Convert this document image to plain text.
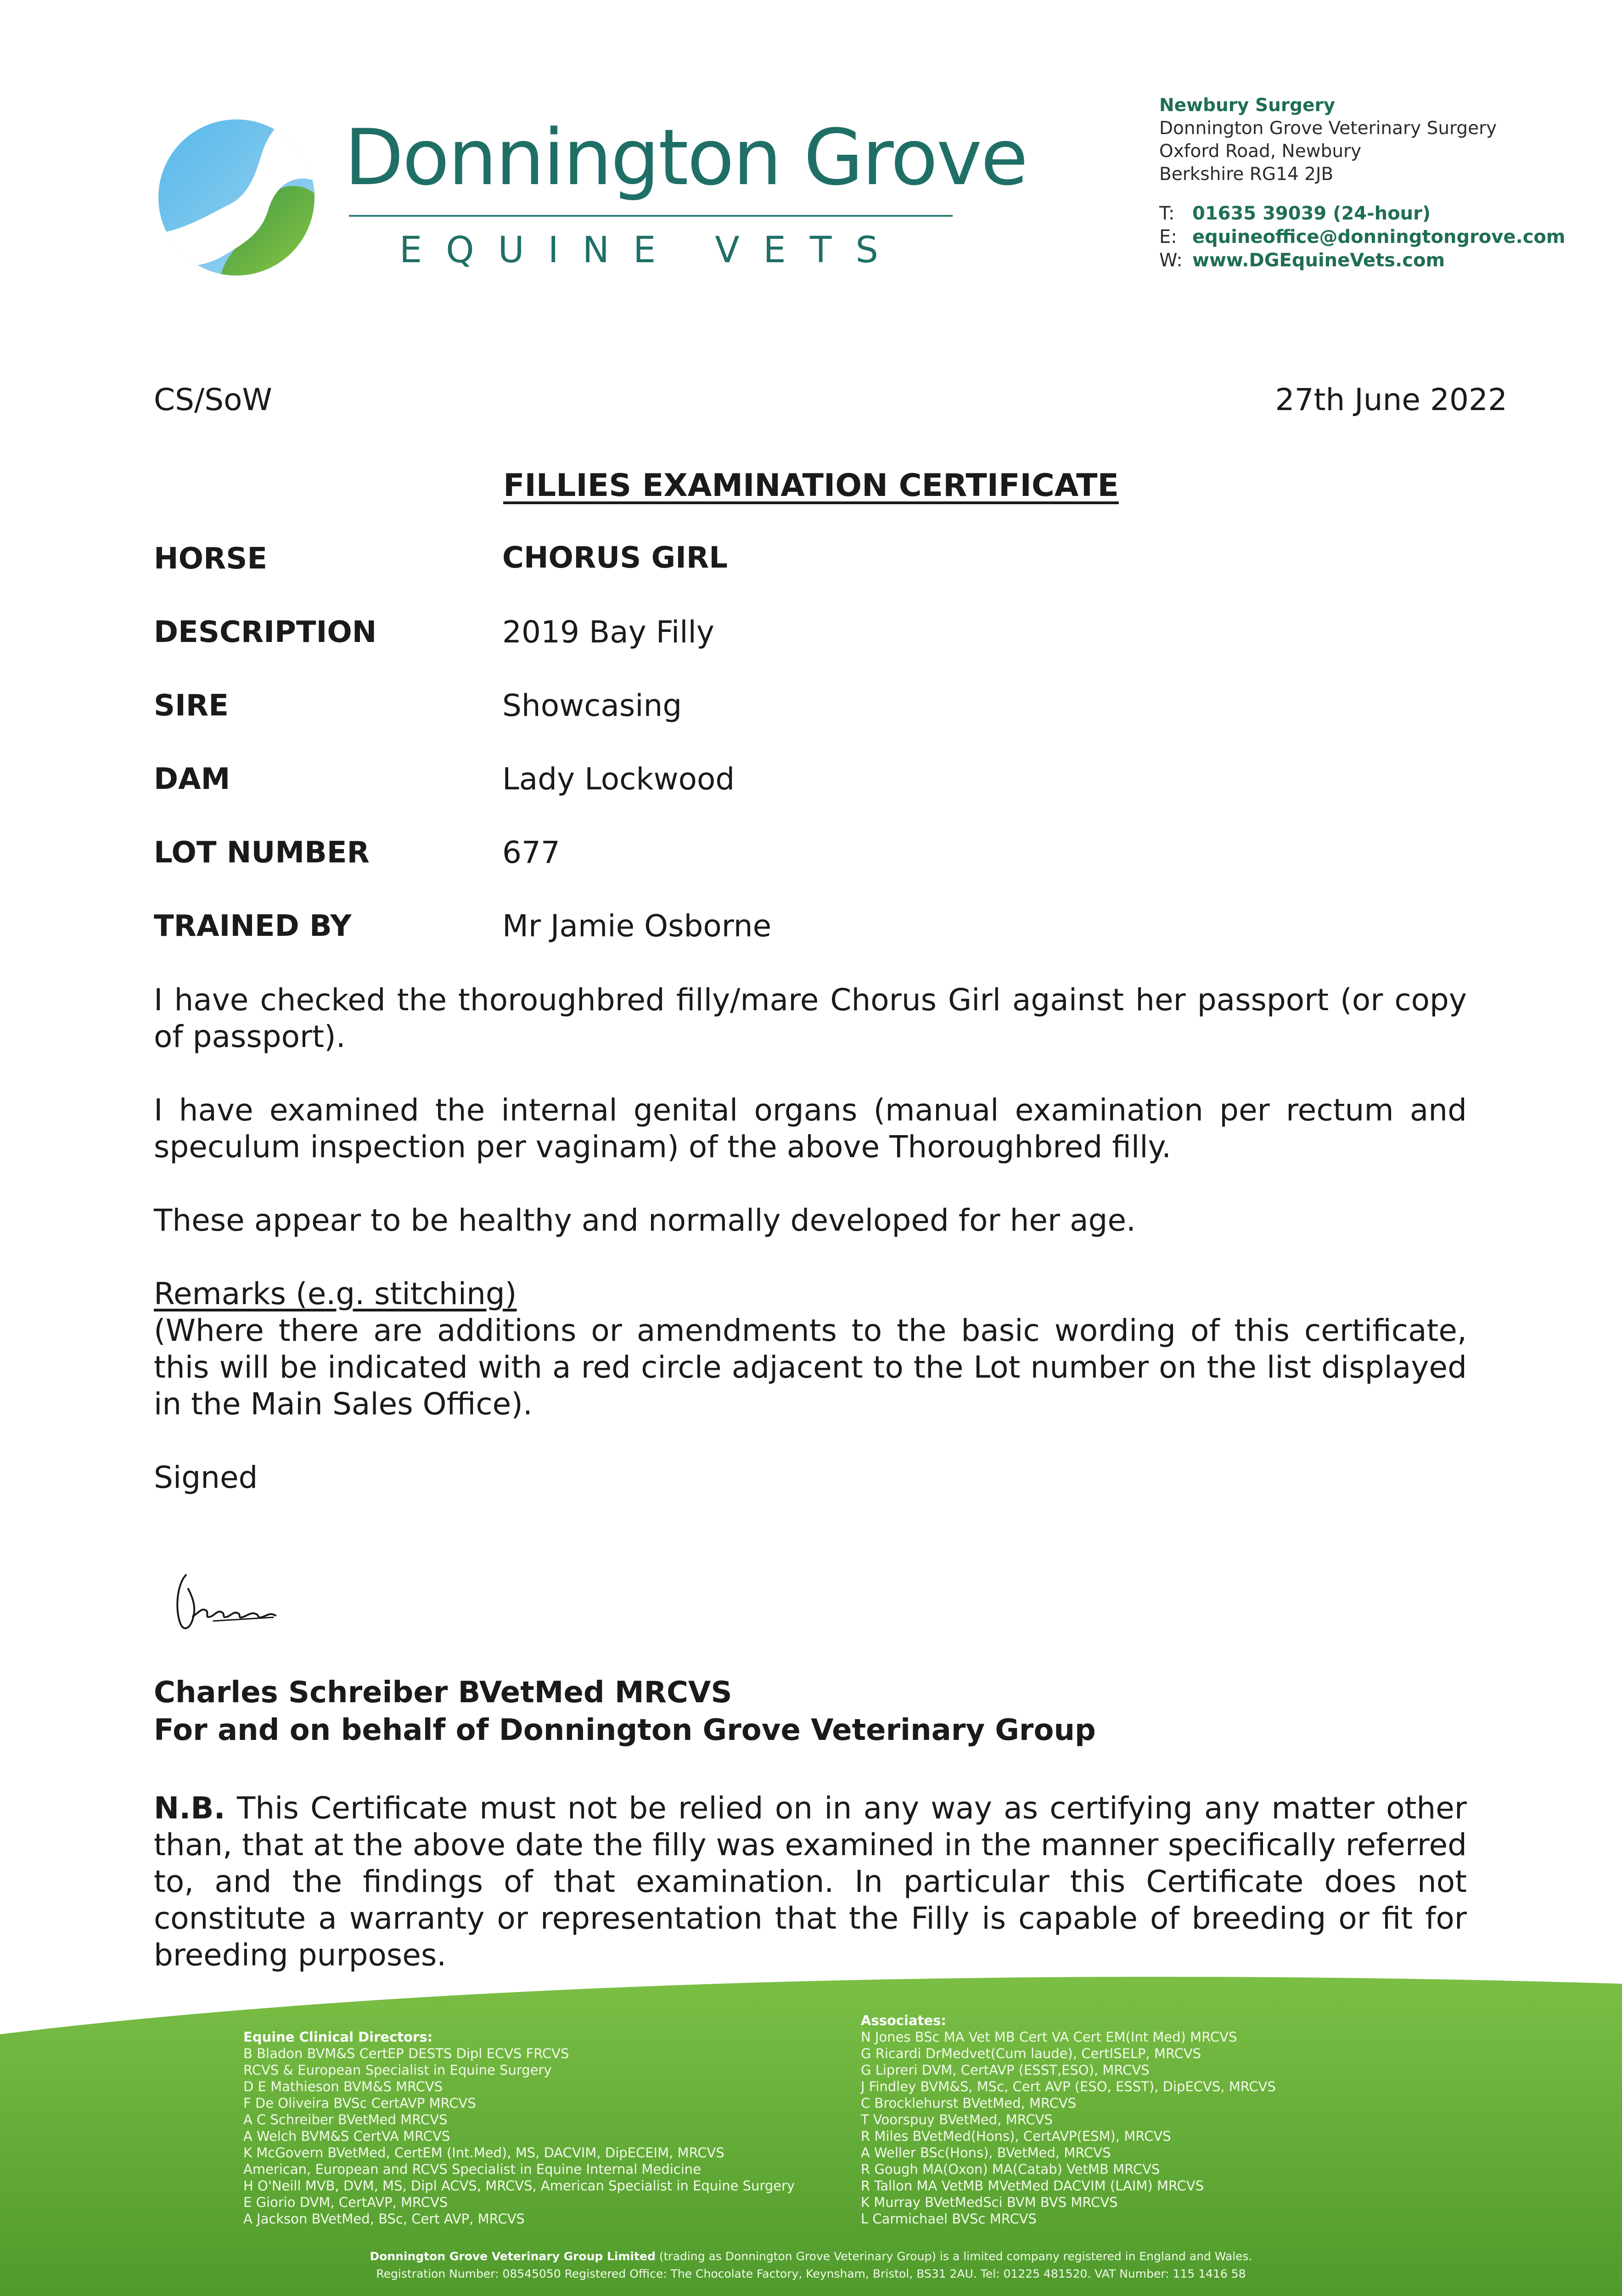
Donnington Grove
EQUINE VETS
Newbury Surgery
Donnington Grove Veterinary Surgery
Oxford Road, Newbury
Berkshire RG14 2JB
T: 01635 39039 (24-hour)
E: equineoffice@donningtongrove.com
W: www.DGEquineVets.com
CS/SoW	27th June 2022
FILLIES EXAMINATION CERTIFICATE
HORSE	CHORUS GIRL
DESCRIPTION	2019 Bay Filly
SIRE	Showcasing
DAM	Lady Lockwood
LOT NUMBER	677
TRAINED BY	Mr Jamie Osborne
I have checked the thoroughbred filly/mare Chorus Girl against her passport (or copy of passport).
I have examined the internal genital organs (manual examination per rectum and speculum inspection per vaginam) of the above Thoroughbred filly.
These appear to be healthy and normally developed for her age.
Remarks (e.g. stitching)
(Where there are additions or amendments to the basic wording of this certificate, this will be indicated with a red circle adjacent to the Lot number on the list displayed in the Main Sales Office).
Signed
Charles Schreiber BVetMed MRCVS
For and on behalf of Donnington Grove Veterinary Group
N.B. This Certificate must not be relied on in any way as certifying any matter other than, that at the above date the filly was examined in the manner specifically referred to, and the findings of that examination. In particular this Certificate does not constitute a warranty or representation that the Filly is capable of breeding or fit for breeding purposes.
Equine Clinical Directors:
B Bladon BVM&S CertEP DESTS Dipl ECVS FRCVS
RCVS & European Specialist in Equine Surgery
D E Mathieson BVM&S MRCVS
F De Oliveira BVSc CertAVP MRCVS
A C Schreiber BVetMed MRCVS
A Welch BVM&S CertVA MRCVS
K McGovern BVetMed, CertEM (Int.Med), MS, DACVIM, DipECEIM, MRCVS
American, European and RCVS Specialist in Equine Internal Medicine
H O'Neill MVB, DVM, MS, Dipl ACVS, MRCVS, American Specialist in Equine Surgery
E Giorio DVM, CertAVP, MRCVS
A Jackson BVetMed, BSc, Cert AVP, MRCVS
Associates:
N Jones BSc MA Vet MB Cert VA Cert EM(Int Med) MRCVS
G Ricardi DrMedvet(Cum laude), CertISELP, MRCVS
G Lipreri DVM, CertAVP (ESST,ESO), MRCVS
J Findley BVM&S, MSc, Cert AVP (ESO, ESST), DipECVS, MRCVS
C Brocklehurst BVetMed, MRCVS
T Voorspuy BVetMed, MRCVS
R Miles BVetMed(Hons), CertAVP(ESM), MRCVS
A Weller BSc(Hons), BVetMed, MRCVS
R Gough MA(Oxon) MA(Catab) VetMB MRCVS
R Tallon MA VetMB MVetMed DACVIM (LAIM) MRCVS
K Murray BVetMedSci BVM BVS MRCVS
L Carmichael BVSc MRCVS
Donnington Grove Veterinary Group Limited (trading as Donnington Grove Veterinary Group) is a limited company registered in England and Wales.
Registration Number: 08545050 Registered Office: The Chocolate Factory, Keynsham, Bristol, BS31 2AU. Tel: 01225 481520. VAT Number: 115 1416 58
